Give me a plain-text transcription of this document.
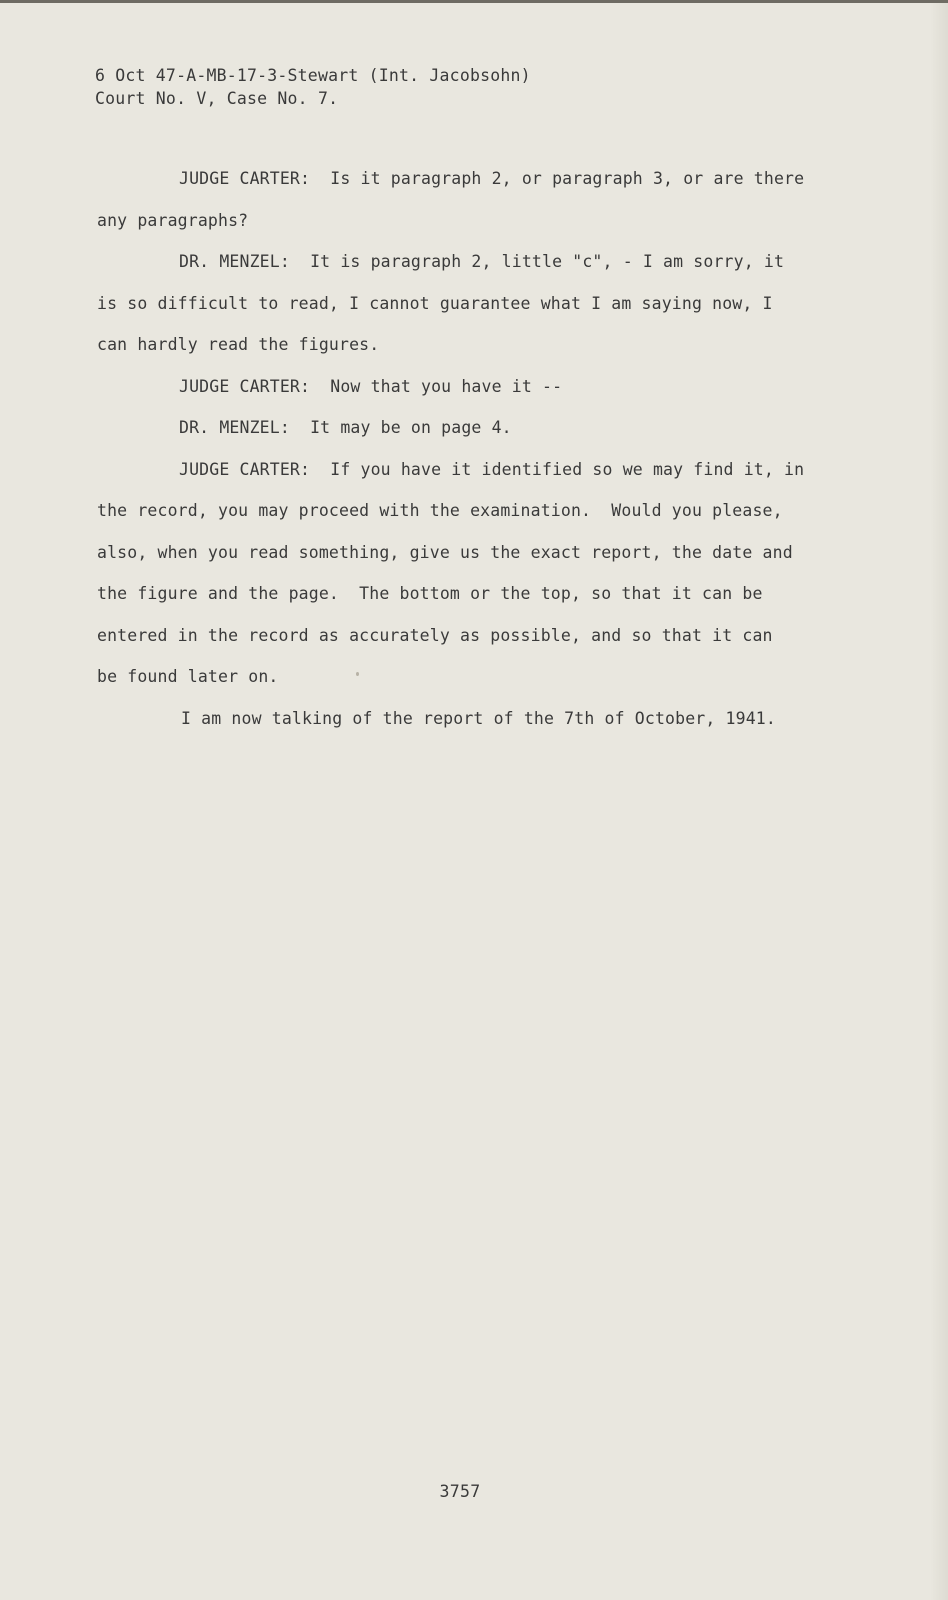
6 Oct 47-A-MB-17-3-Stewart (Int. Jacobsohn)
Court No. V, Case No. 7.
JUDGE CARTER:  Is it paragraph 2, or paragraph 3, or are there
any paragraphs?
DR. MENZEL:  It is paragraph 2, little "c", - I am sorry, it
is so difficult to read, I cannot guarantee what I am saying now, I
can hardly read the figures.
JUDGE CARTER:  Now that you have it --
DR. MENZEL:  It may be on page 4.
JUDGE CARTER:  If you have it identified so we may find it, in
the record, you may proceed with the examination.  Would you please,
also, when you read something, give us the exact report, the date and
the figure and the page.  The bottom or the top, so that it can be
entered in the record as accurately as possible, and so that it can
be found later on.
I am now talking of the report of the 7th of October, 1941.
3757
